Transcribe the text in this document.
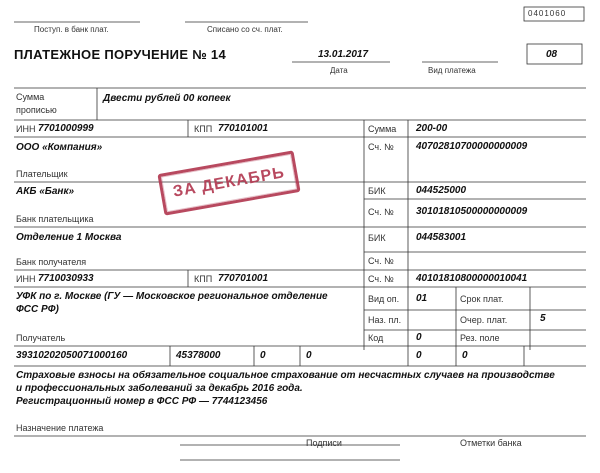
0401060
Поступ. в банк плат.	Списано со сч. плат.
ПЛАТЕЖНОЕ ПОРУЧЕНИЕ № 14	13.01.2017
Дата	Вид платежа
08
Сумма
прописью
Двести рублей 00 копеек
ИНН 7701000999	КПП 770101001	Сумма 200-00
ООО «Компания»
Плательщик
Сч. № 40702810700000000009
АКБ «Банк»
Банк плательщика
БИК	044525000
Сч. № 30101810500000000009
ЗА ДЕКАБРЬ
Отделение 1 Москва
Банк получателя
БИК	044583001
Сч. №
ИНН 7710030933	КПП 770701001	Сч. № 40101810800000010041
УФК по г. Москве (ГУ — Московское региональное отделение
ФСС РФ)
Получатель
Вид оп. 01	Срок плат.
Наз. пл.	Очер. плат.	5
Код	0	Рез. поле
39310202050071000160	45378000	0	0	0	0
Страховые взносы на обязательное социальное страхование от несчастных случаев на производстве
и профессиональных заболеваний за декабрь 2016 года.
Регистрационный номер в ФСС РФ — 7744123456
Назначение платежа
Подписи	Отметки банка
